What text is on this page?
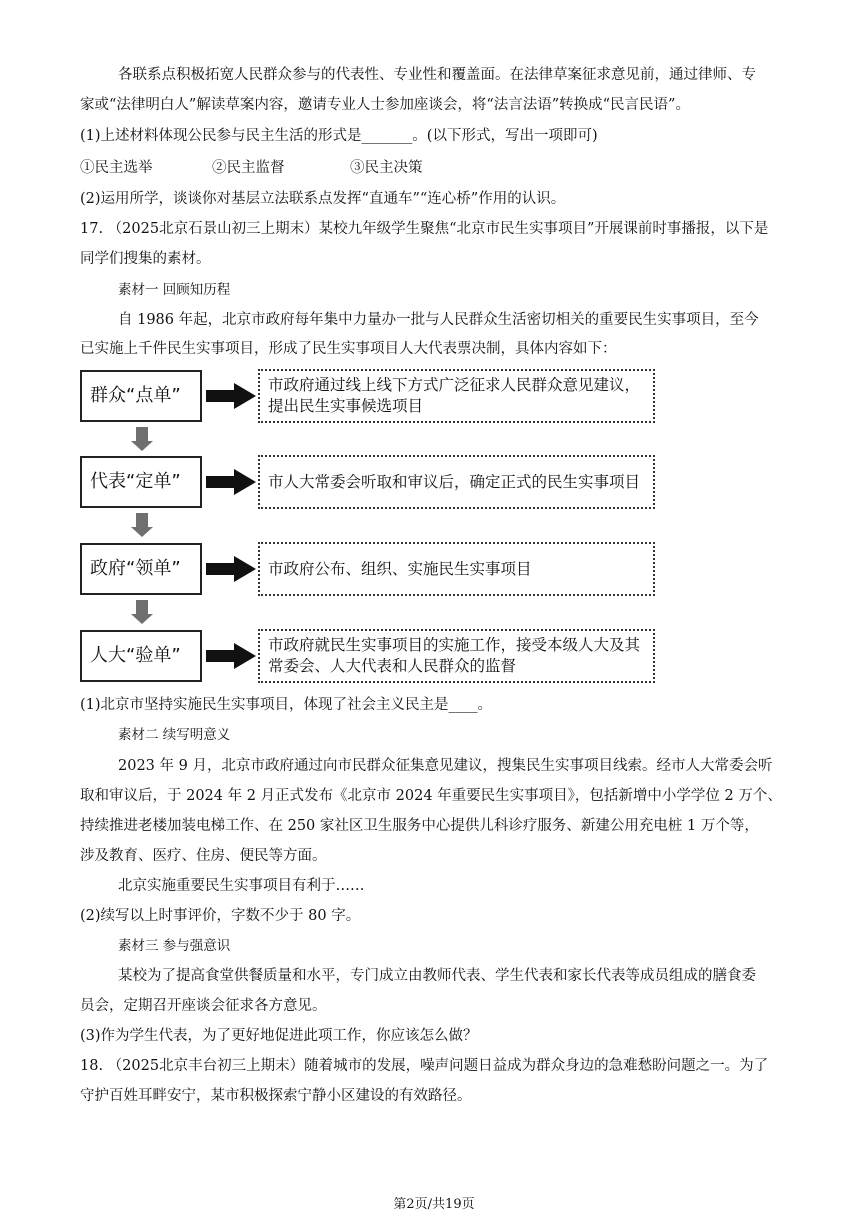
各联系点积极拓宽人民群众参与的代表性、专业性和覆盖面。在法律草案征求意见前，通过律师、专
家或“法律明白人”解读草案内容，邀请专业人士参加座谈会，将“法言法语”转换成“民言民语”。
(1)上述材料体现公民参与民主生活的形式是_______。(以下形式，写出一项即可)
①民主选举	②民主监督	③民主决策
(2)运用所学，谈谈你对基层立法联系点发挥“直通车”“连心桥”作用的认识。
17. （2025北京石景山初三上期末）某校九年级学生聚焦“北京市民生实事项目”开展课前时事播报，以下是
同学们搜集的素材。
素材一 回顾知历程
自 1986 年起，北京市政府每年集中力量办一批与人民群众生活密切相关的重要民生实事项目，至今
已实施上千件民生实事项目，形成了民生实事项目人大代表票决制，具体内容如下：
群众“点单”	市政府通过线上线下方式广泛征求人民群众意见建议，
提出民生实事候选项目
代表“定单”	市人大常委会听取和审议后，确定正式的民生实事项目
政府“领单”	市政府公布、组织、实施民生实事项目
人大“验单”	市政府就民生实事项目的实施工作，接受本级人大及其
常委会、人大代表和人民群众的监督
(1)北京市坚持实施民生实事项目，体现了社会主义民主是____。
素材二 续写明意义
2023 年 9 月，北京市政府通过向市民群众征集意见建议，搜集民生实事项目线索。经市人大常委会听
取和审议后，于 2024 年 2 月正式发布《北京市 2024 年重要民生实事项目》，包括新增中小学学位 2 万个、
持续推进老楼加装电梯工作、在 250 家社区卫生服务中心提供儿科诊疗服务、新建公用充电桩 1 万个等，
涉及教育、医疗、住房、便民等方面。
北京实施重要民生实事项目有利于……
(2)续写以上时事评价，字数不少于 80 字。
素材三 参与强意识
某校为了提高食堂供餐质量和水平，专门成立由教师代表、学生代表和家长代表等成员组成的膳食委
员会，定期召开座谈会征求各方意见。
(3)作为学生代表，为了更好地促进此项工作，你应该怎么做？
18. （2025北京丰台初三上期末）随着城市的发展，噪声问题日益成为群众身边的急难愁盼问题之一。为了
守护百姓耳畔安宁，某市积极探索宁静小区建设的有效路径。
第2页/共19页
